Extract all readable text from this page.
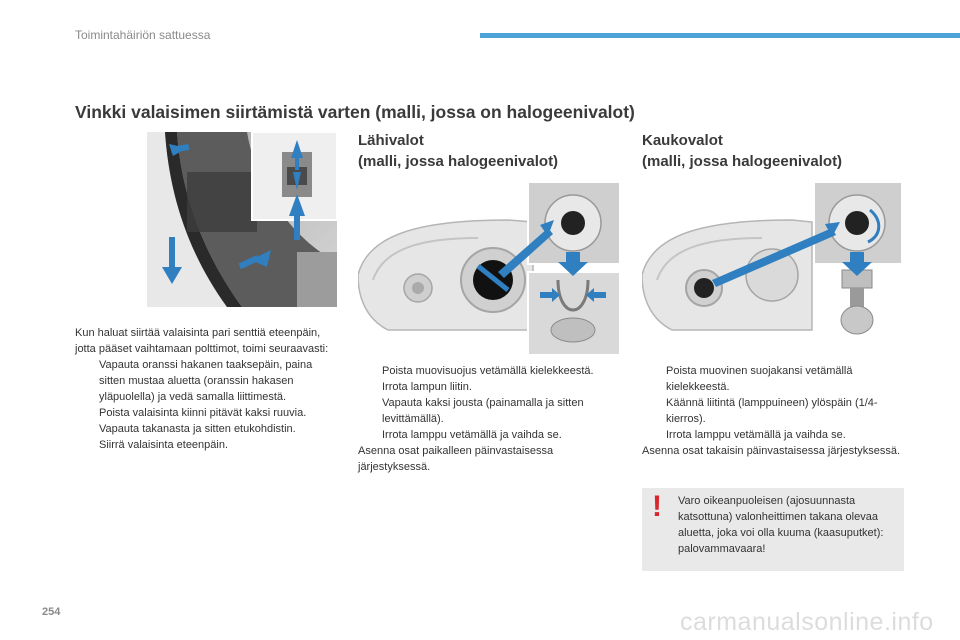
Toimintahäiriön sattuessa
Vinkki valaisimen siirtämistä varten (malli, jossa on halogeenivalot)
Lähivalot
(malli, jossa halogeenivalot)
Kaukovalot
(malli, jossa halogeenivalot)
Kun haluat siirtää valaisinta pari senttiä eteenpäin, jotta pääset vaihtamaan polttimot, toimi seuraavasti:
Vapauta oranssi hakanen taaksepäin, paina sitten mustaa aluetta (oranssin hakasen yläpuolella) ja vedä samalla liittimestä.
Poista valaisinta kiinni pitävät kaksi ruuvia.
Vapauta takanasta ja sitten etukohdistin.
Siirrä valaisinta eteenpäin.
Poista muovisuojus vetämällä kielekkeestä.
Irrota lampun liitin.
Vapauta kaksi jousta (painamalla ja sitten levittämällä).
Irrota lamppu vetämällä ja vaihda se.
Asenna osat paikalleen päinvastaisessa järjestyksessä.
Poista muovinen suojakansi vetämällä kielekkeestä.
Käännä liitintä (lamppuineen) ylöspäin (1/4-kierros).
Irrota lamppu vetämällä ja vaihda se.
Asenna osat takaisin päinvastaisessa järjestyksessä.
! Varo oikeanpuoleisen (ajosuunnasta katsottuna) valonheittimen takana olevaa aluetta, joka voi olla kuuma (kaasuputket): palovammavaara!
254	carmanualsonline.info
